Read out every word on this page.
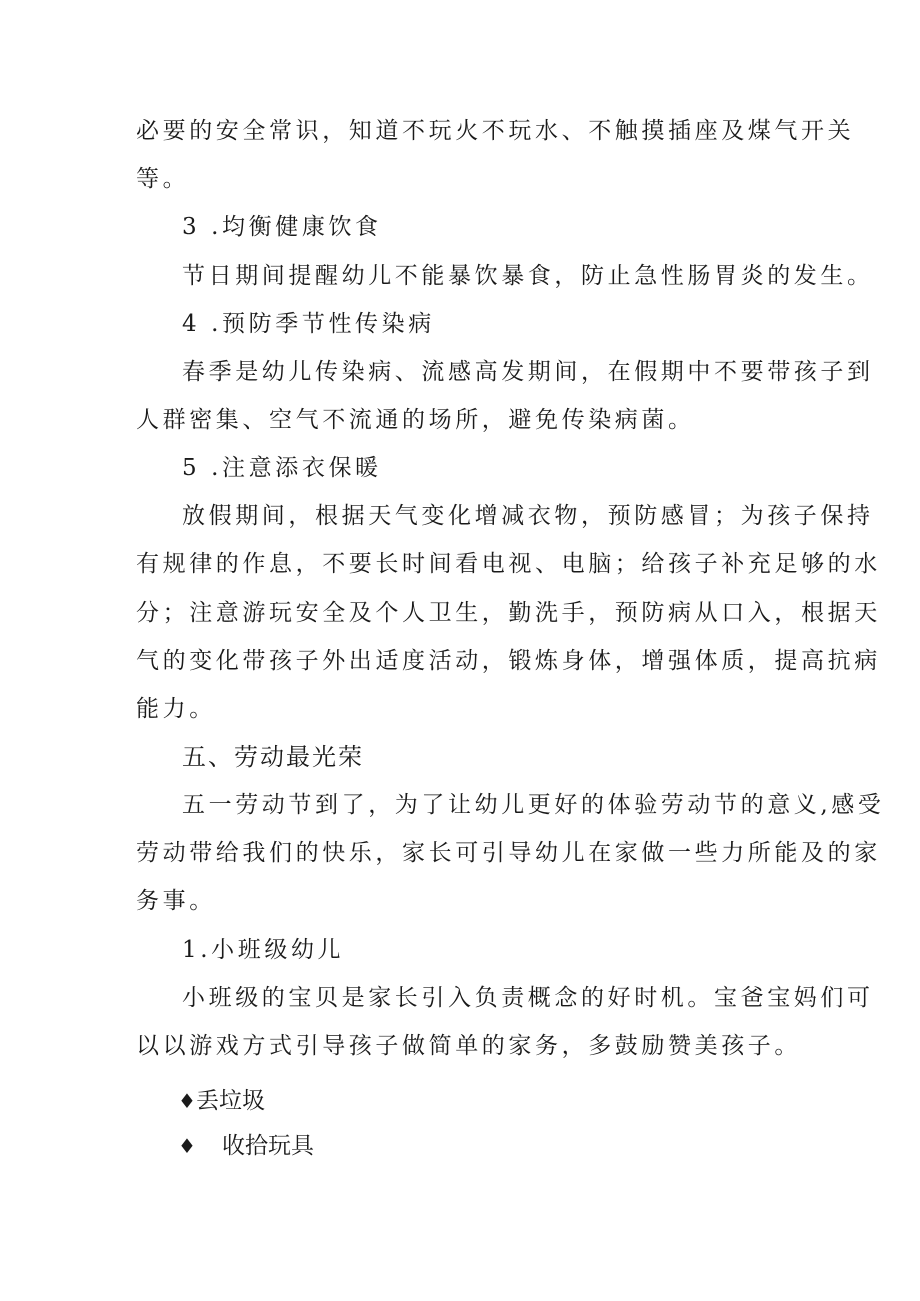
必要的安全常识，知道不玩火不玩水、不触摸插座及煤气开关
等。
3 .均衡健康饮食
节日期间提醒幼儿不能暴饮暴食，防止急性肠胃炎的发生。
4 .预防季节性传染病
春季是幼儿传染病、流感高发期间，在假期中不要带孩子到
人群密集、空气不流通的场所，避免传染病菌。
5 .注意添衣保暖
放假期间，根据天气变化增减衣物，预防感冒；为孩子保持
有规律的作息，不要长时间看电视、电脑；给孩子补充足够的水
分；注意游玩安全及个人卫生，勤洗手，预防病从口入，根据天
气的变化带孩子外出适度活动，锻炼身体，增强体质，提高抗病
能力。
五、劳动最光荣
五一劳动节到了，为了让幼儿更好的体验劳动节的意义,感受
劳动带给我们的快乐，家长可引导幼儿在家做一些力所能及的家
务事。
1.小班级幼儿
小班级的宝贝是家长引入负责概念的好时机。宝爸宝妈们可
以以游戏方式引导孩子做简单的家务，多鼓励赞美孩子。
♦丢垃圾
♦ 收拾玩具
